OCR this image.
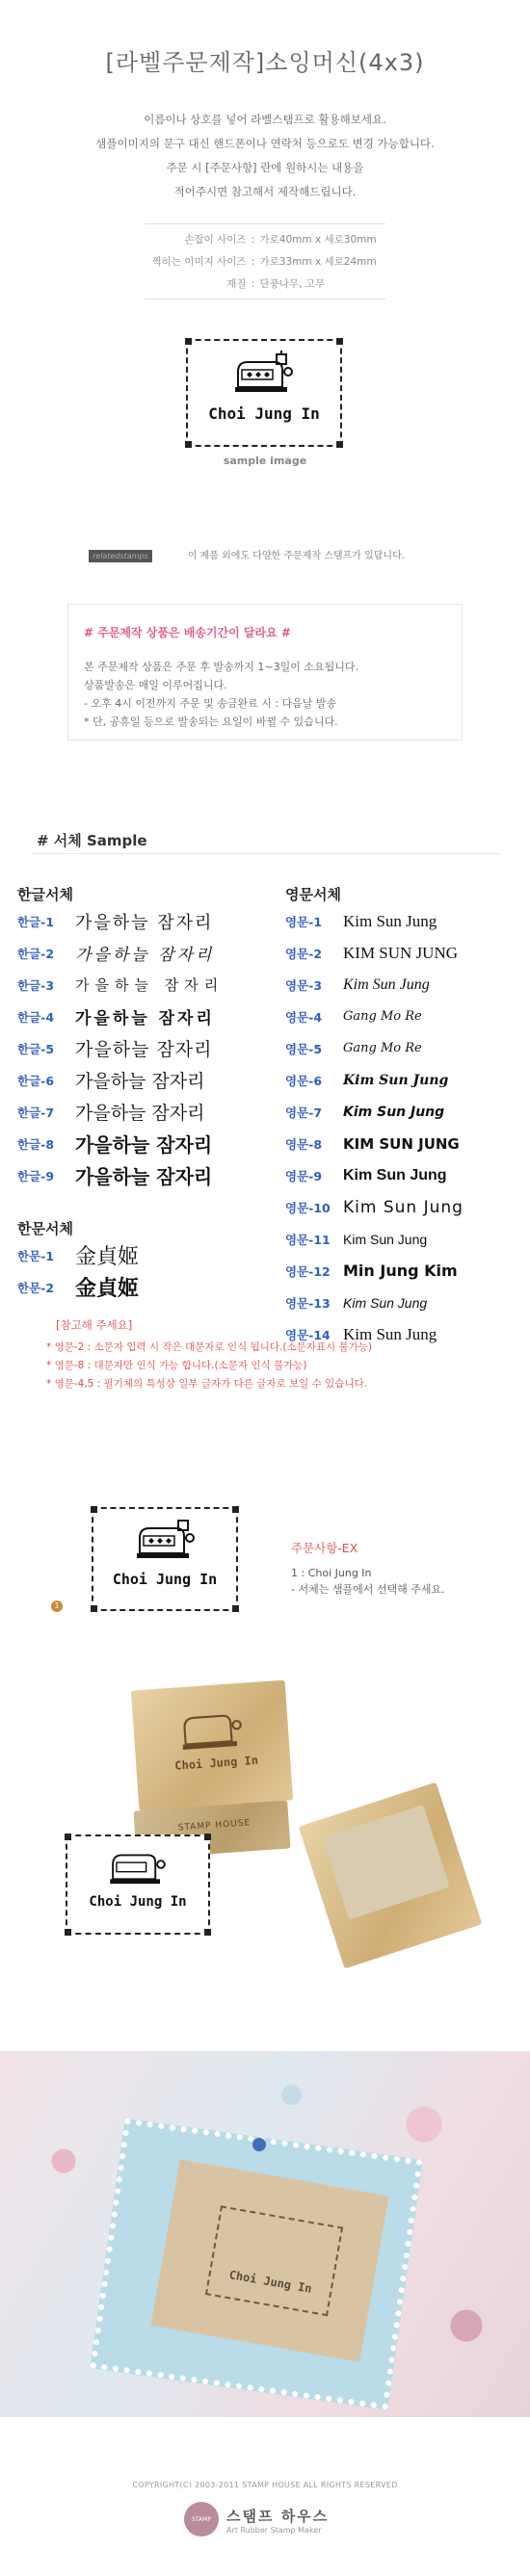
[라벨주문제작]소잉머신(4x3)
이름이나 상호를 넣어 라벨스탬프로 활용해보세요.
샘플이미지의 문구 대신 핸드폰이나 연락처 등으로도 변경 가능합니다.
주문 시 [주문사항] 란에 원하시는 내용을
적어주시면 참고해서 제작해드립니다.
손잡이 사이즈 : 가로40mm x 세로30mm
찍히는 이미지 사이즈 : 가로33mm x 세로24mm
재질 : 단풍나무, 고무
Choi Jung In
sample image
relatedstamps	이 제품 외에도 다양한 주문제작 스탬프가 있답니다.
# 주문제작 상품은 배송기간이 달라요 #
본 주문제작 상품은 주문 후 발송까지 1~3일이 소요됩니다.
상품발송은 매일 이루어집니다.
- 오후 4시 이전까지 주문 및 송금완료 시 : 다음날 발송
* 단, 공휴일 등으로 발송되는 요일이 바뀔 수 있습니다.
# 서체 Sample
한글서체
한글-1	가을하늘 잠자리
한글-2	가을하늘 잠자리
한글-3	가을하늘 잠자리
한글-4	가을하늘 잠자리
한글-5	가을하늘 잠자리
한글-6	가을하늘 잠자리
한글-7	가을하늘 잠자리
한글-8	가을하늘 잠자리
한글-9	가을하늘 잠자리
한문서체
한문-1 金貞姬
한문-2 金貞姬
영문서체
영문-1	Kim Sun Jung
영문-2	KIM SUN JUNG
영문-3	Kim Sun Jung
영문-4	Gang Mo Re
영문-5	Gang Mo Re
영문-6	Kim Sun Jung
영문-7	Kim Sun Jung
영문-8	KIM SUN JUNG
영문-9	Kim Sun Jung
영문-10 Kim Sun Jung
영문-11 Kim Sun Jung
영문-12 Min Jung Kim
영문-13 Kim Sun Jung
영문-14 Kim Sun Jung
[참고해 주세요]
* 영문-2 : 소문자 입력 시 작은 대문자로 인식 됩니다.(소문자표시 불가능)
* 영문-8 : 대문자만 인식 가능 합니다.(소문자 인식 불가능)
* 영문-4,5 : 필기체의 특성상 일부 글자가 다른 글자로 보일 수 있습니다.
Choi Jung In
1
주문사항-EX
1 : Choi Jung In
- 서체는 샘플에서 선택해 주세요.
Choi Jung In
STAMP HOUSE
Choi Jung In
Choi Jung In
COPYRIGHT(C) 2003-2011 STAMP HOUSE ALL RIGHTS RESERVED
STAMP HOUSE
스탬프 하우스
Art Rubber Stamp Maker
